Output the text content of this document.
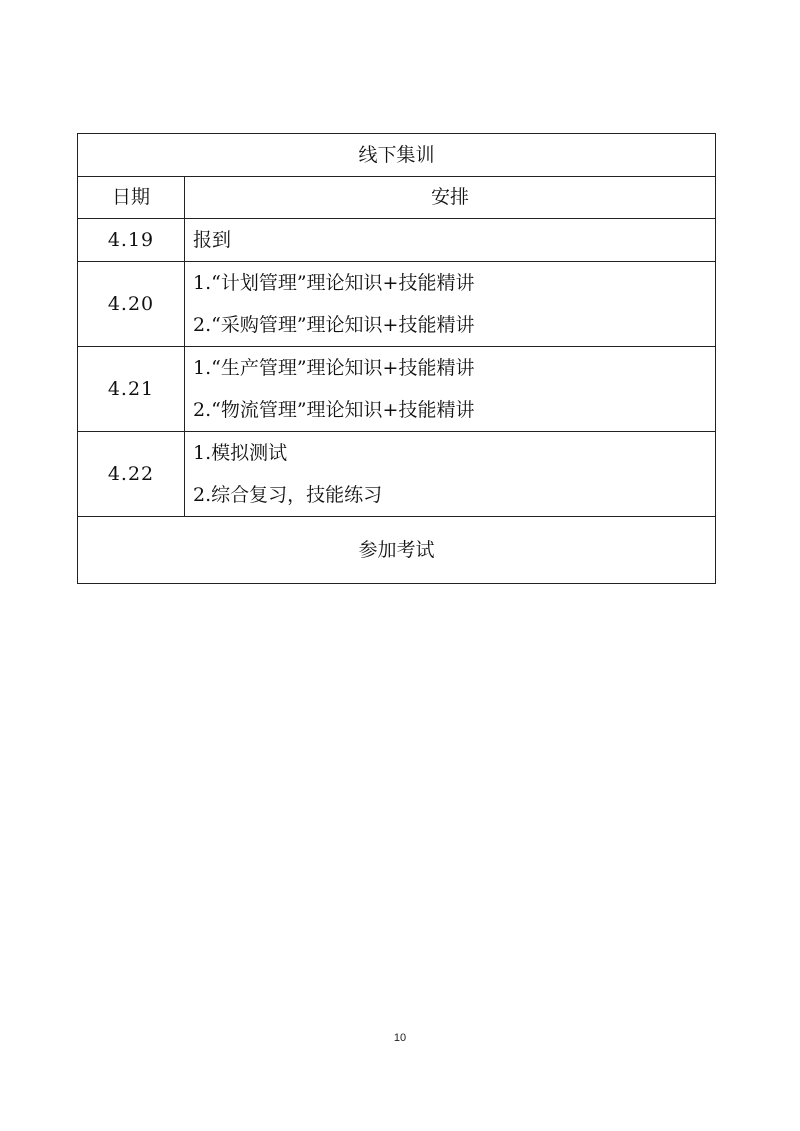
线下集训	
日期	安排
4.19	报到

4.20	1.“计划管理”理论知识+技能精讲
2.“采购管理”理论知识+技能精讲

4.21	1.“生产管理”理论知识+技能精讲
2.“物流管理”理论知识+技能精讲

4.22	1.模拟测试
2.综合复习，技能练习

参加考试	
10
